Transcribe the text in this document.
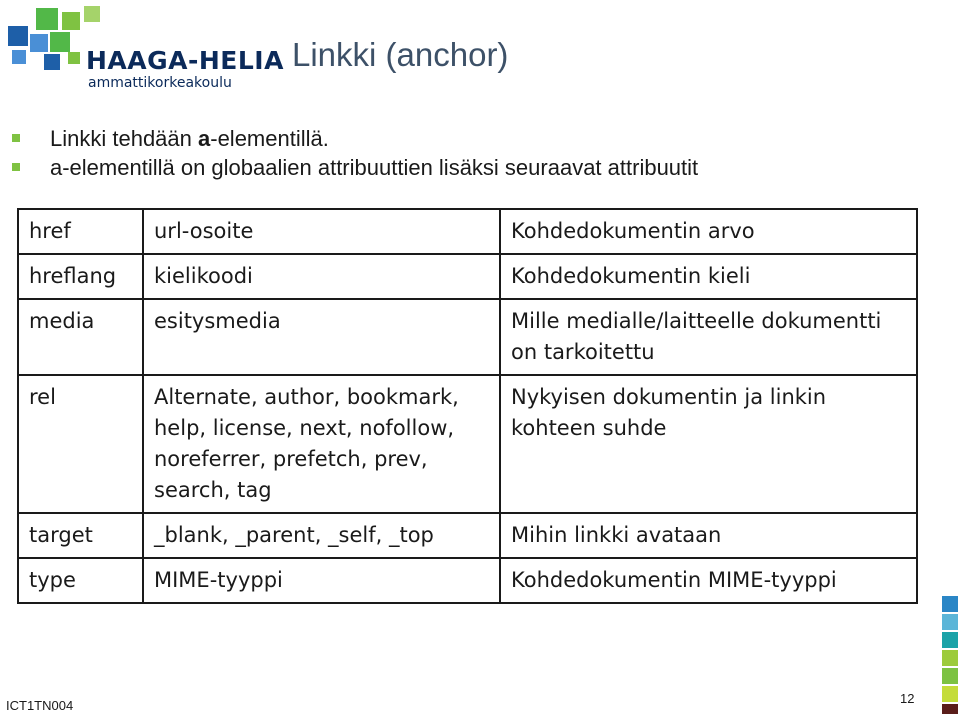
HAAGA-HELIA
ammattikorkeakoulu
Linkki (anchor)
Linkki tehdään a-elementillä.
a-elementillä on globaalien attribuuttien lisäksi seuraavat attribuutit
href	url-osoite	Kohdedokumentin arvo
hreflang	kielikoodi	Kohdedokumentin kieli
media	esitysmedia	Mille medialle/laitteelle dokumentti on tarkoitettu
rel	Alternate, author, bookmark, help, license, next, nofollow, noreferrer, prefetch, prev, search, tag	Nykyisen dokumentin ja linkin kohteen suhde
target	_blank, _parent, _self, _top	Mihin linkki avataan
type	MIME-tyyppi	Kohdedokumentin MIME-tyyppi
ICT1TN004	12
